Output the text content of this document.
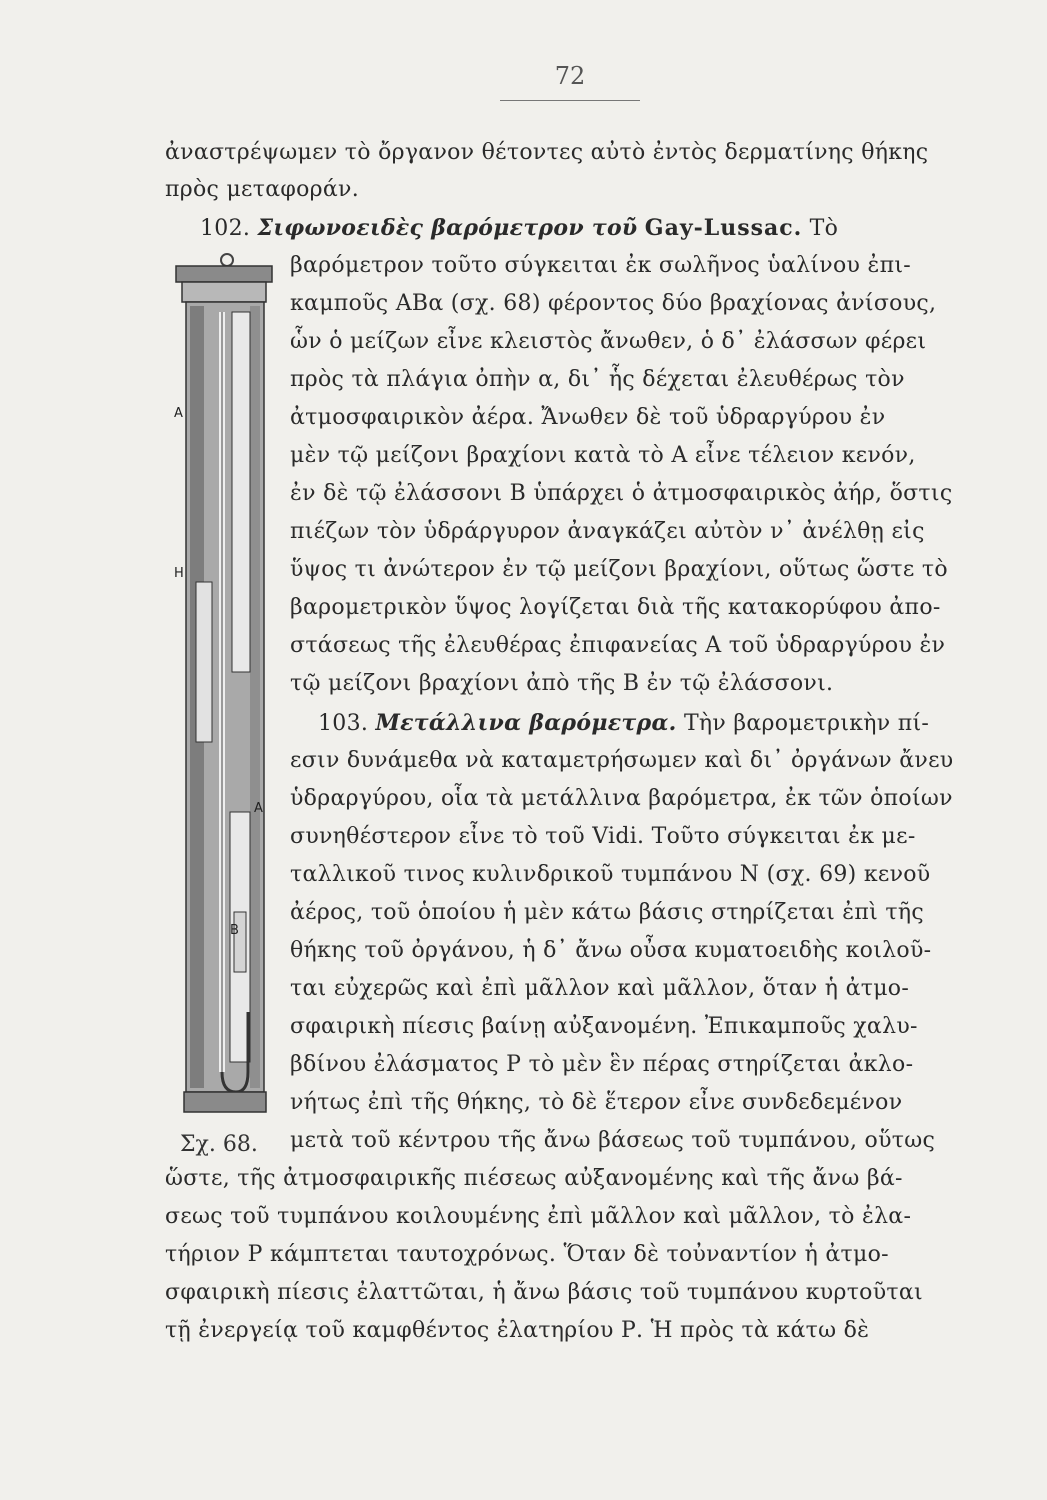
72
ἀναστρέψωμεν τὸ ὄργανον θέτοντες αὐτὸ ἐντὸς δερματίνης θήκης
πρὸς μεταφοράν.
102. Σιφωνοειδὲς βαρόμετρον τοῦ Gay-Lussac. Τὸ
βαρόμετρον τοῦτο σύγκειται ἐκ σωλῆνος ὑαλίνου ἐπι-
καμποῦς ΑΒα (σχ. 68) φέροντος δύο βραχίονας ἀνίσους,
ὧν ὁ μείζων εἶνε κλειστὸς ἄνωθεν, ὁ δ᾽ ἐλάσσων φέρει
πρὸς τὰ πλάγια ὀπὴν α, δι᾽ ἧς δέχεται ἐλευθέρως τὸν
ἀτμοσφαιρικὸν ἀέρα. Ἄνωθεν δὲ τοῦ ὑδραργύρου ἐν
μὲν τῷ μείζονι βραχίονι κατὰ τὸ Α εἶνε τέλειον κενόν,
ἐν δὲ τῷ ἐλάσσονι Β ὑπάρχει ὁ ἀτμοσφαιρικὸς ἀήρ, ὅστις
πιέζων τὸν ὑδράργυρον ἀναγκάζει αὐτὸν ν᾽ ἀνέλθῃ εἰς
ὕψος τι ἀνώτερον ἐν τῷ μείζονι βραχίονι, οὕτως ὥστε τὸ
βαρομετρικὸν ὕψος λογίζεται διὰ τῆς κατακορύφου ἀπο-
στάσεως τῆς ἐλευθέρας ἐπιφανείας Α τοῦ ὑδραργύρου ἐν
τῷ μείζονι βραχίονι ἀπὸ τῆς Β ἐν τῷ ἐλάσσονι.
103. Μετάλλινα βαρόμετρα. Τὴν βαρομετρικὴν πί-
εσιν δυνάμεθα νὰ καταμετρήσωμεν καὶ δι᾽ ὀργάνων ἄνευ
ὑδραργύρου, οἷα τὰ μετάλλινα βαρόμετρα, ἐκ τῶν ὁποίων
συνηθέστερον εἶνε τὸ τοῦ Vidi. Τοῦτο σύγκειται ἐκ με-
ταλλικοῦ τινος κυλινδρικοῦ τυμπάνου Ν (σχ. 69) κενοῦ
ἀέρος, τοῦ ὁποίου ἡ μὲν κάτω βάσις στηρίζεται ἐπὶ τῆς
θήκης τοῦ ὀργάνου, ἡ δ᾽ ἄνω οὖσα κυματοειδὴς κοιλοῦ-
ται εὐχερῶς καὶ ἐπὶ μᾶλλον καὶ μᾶλλον, ὅταν ἡ ἀτμο-
σφαιρικὴ πίεσις βαίνῃ αὐξανομένη. Ἐπικαμποῦς χαλυ-
βδίνου ἐλάσματος Ρ τὸ μὲν ἓν πέρας στηρίζεται ἀκλο-
νήτως ἐπὶ τῆς θήκης, τὸ δὲ ἕτερον εἶνε συνδεδεμένον
μετὰ τοῦ κέντρου τῆς ἄνω βάσεως τοῦ τυμπάνου, οὕτως
ὥστε, τῆς ἀτμοσφαιρικῆς πιέσεως αὐξανομένης καὶ τῆς ἄνω βά-
σεως τοῦ τυμπάνου κοιλουμένης ἐπὶ μᾶλλον καὶ μᾶλλον, τὸ ἐλα-
τήριον Ρ κάμπτεται ταυτοχρόνως. Ὅταν δὲ τοὐναντίον ἡ ἀτμο-
σφαιρικὴ πίεσις ἐλαττῶται, ἡ ἄνω βάσις τοῦ τυμπάνου κυρτοῦται
τῇ ἐνεργείᾳ τοῦ καμφθέντος ἐλατηρίου Ρ. Ἡ πρὸς τὰ κάτω δὲ
A
H
A
B
Σχ. 68.
